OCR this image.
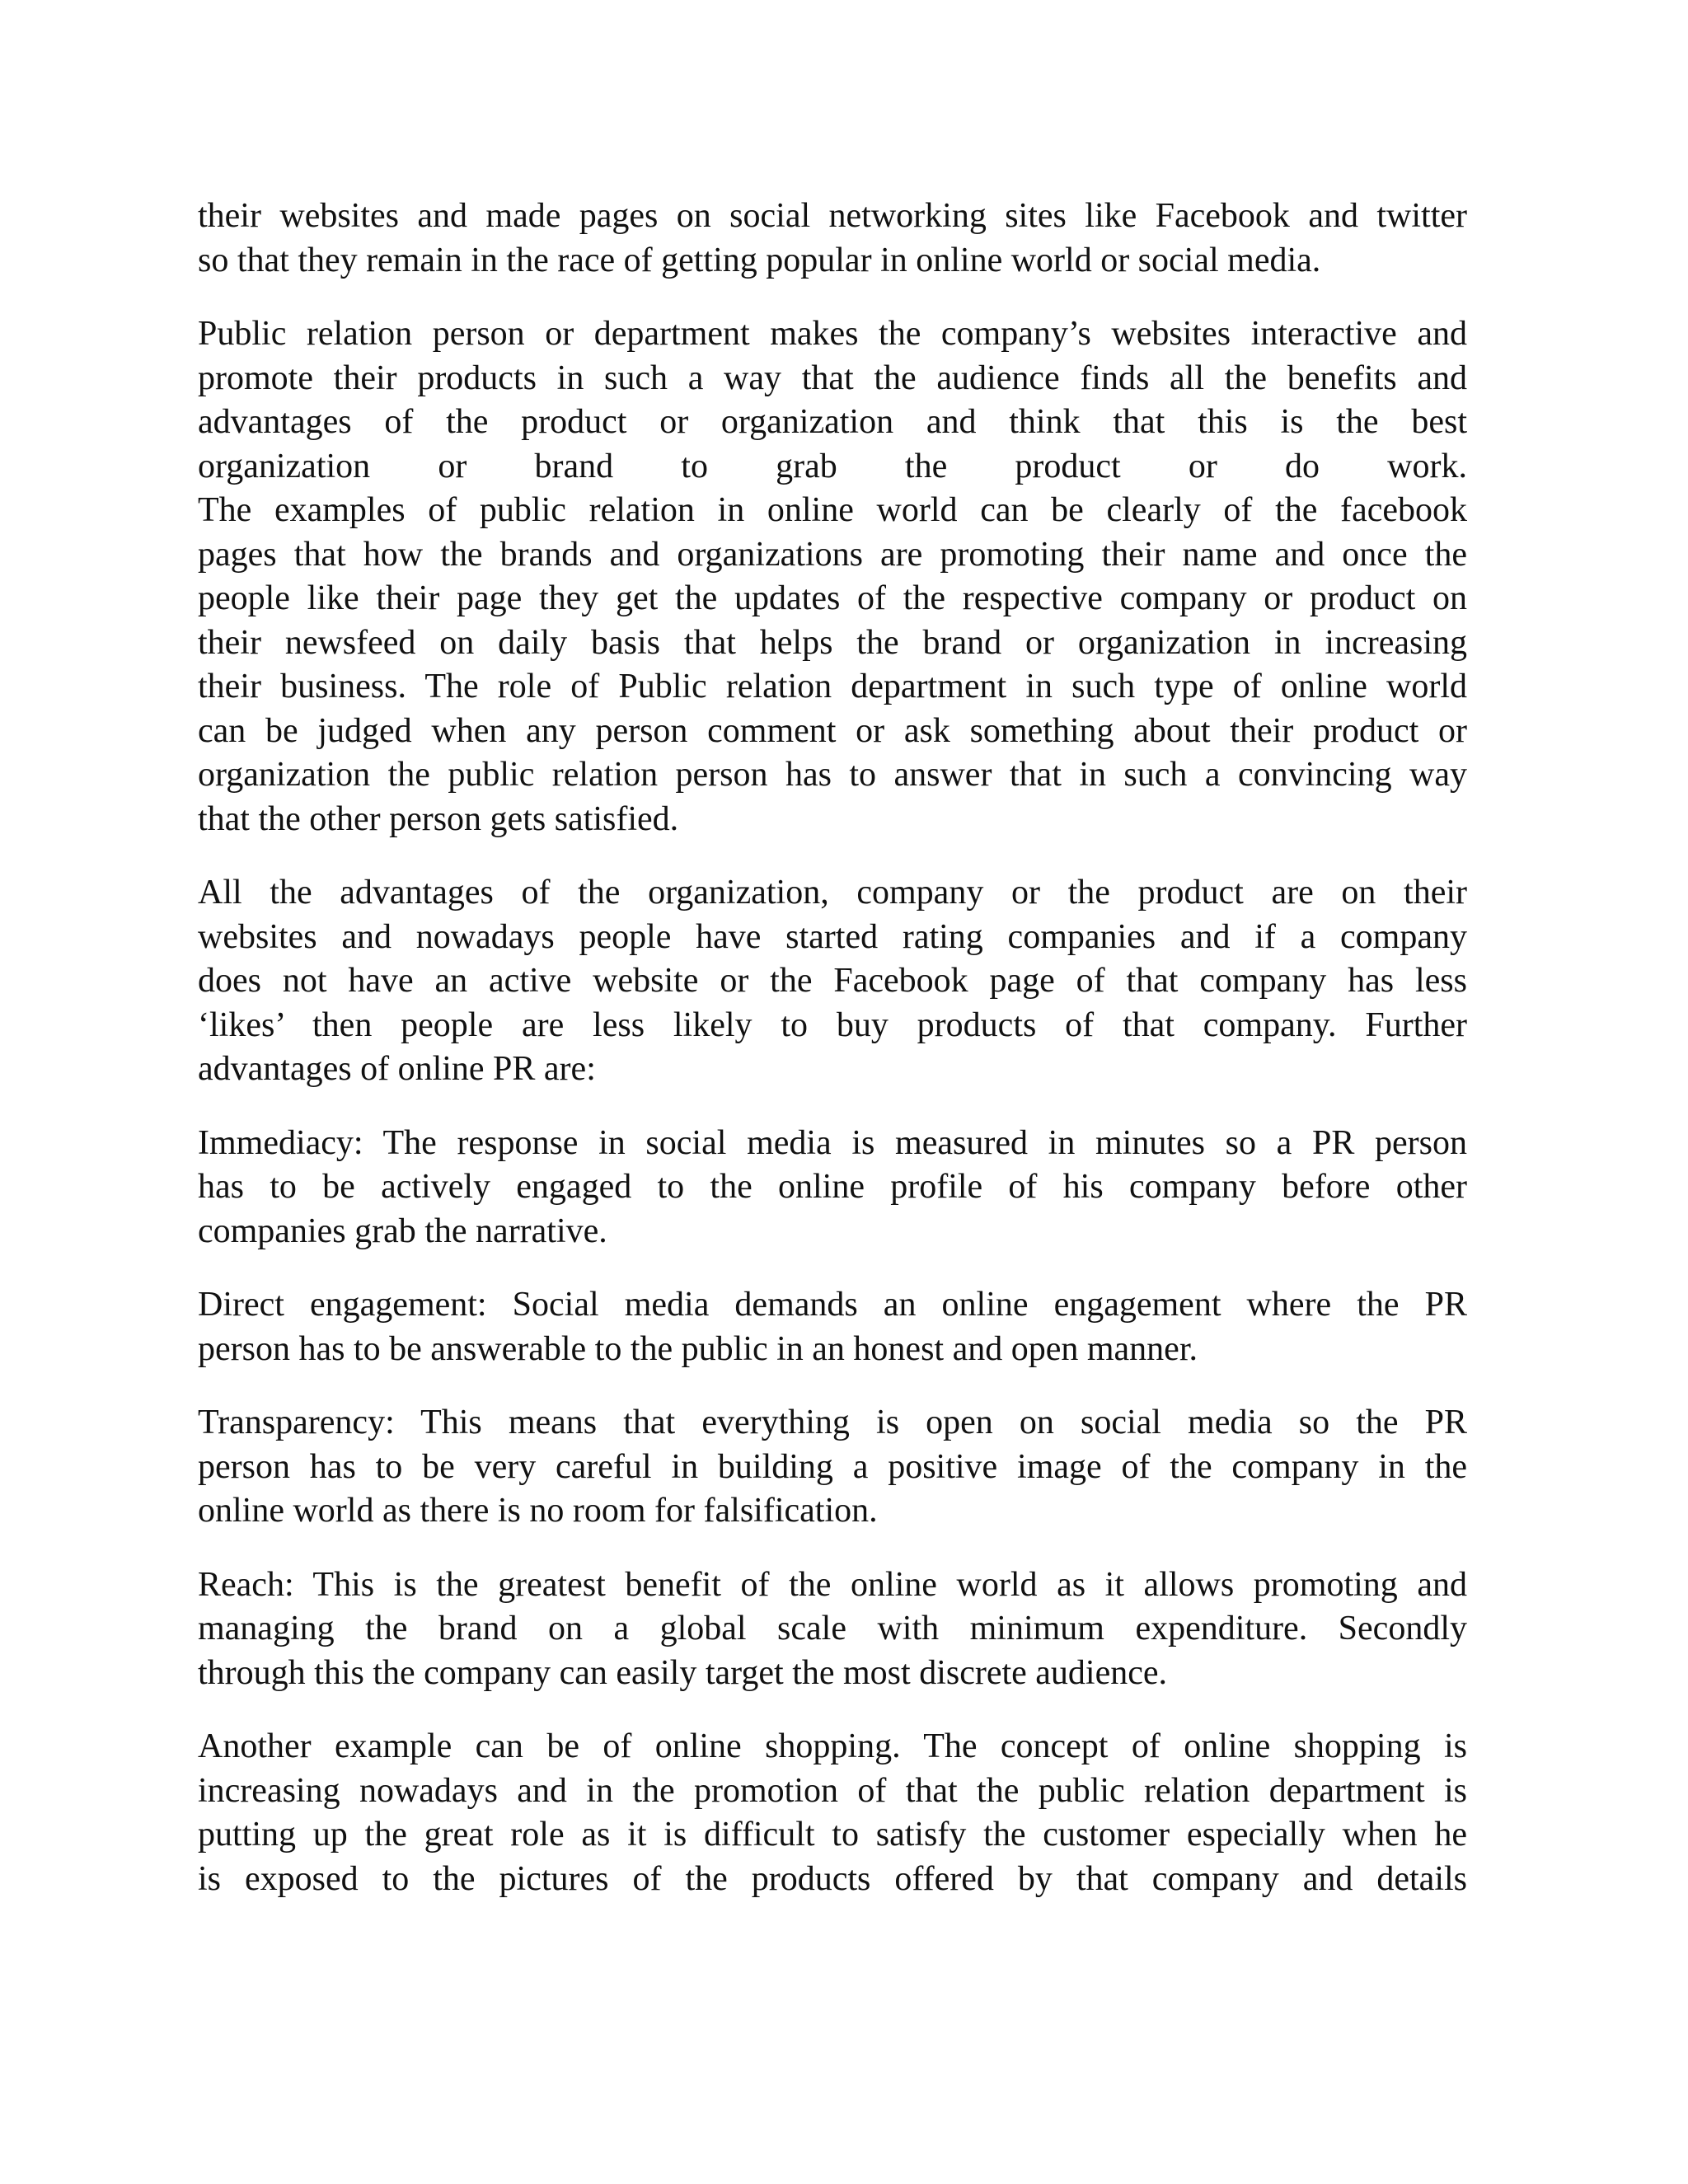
their websites and made pages on social networking sites like Facebook and twitter
so that they remain in the race of getting popular in online world or social media.

Public relation person or department makes the company’s websites interactive and
promote their products in such a way that the audience finds all the benefits and
advantages of the product or organization and think that this is the best
organization or brand to grab the product or do work.
The examples of public relation in online world can be clearly of the facebook
pages that how the brands and organizations are promoting their name and once the
people like their page they get the updates of the respective company or product on
their newsfeed on daily basis that helps the brand or organization in increasing
their business. The role of Public relation department in such type of online world
can be judged when any person comment or ask something about their product or
organization the public relation person has to answer that in such a convincing way
that the other person gets satisfied.

All the advantages of the organization, company or the product are on their
websites and nowadays people have started rating companies and if a company
does not have an active website or the Facebook page of that company has less
‘likes’ then people are less likely to buy products of that company. Further
advantages of online PR are:

Immediacy: The response in social media is measured in minutes so a PR person
has to be actively engaged to the online profile of his company before other
companies grab the narrative.

Direct engagement: Social media demands an online engagement where the PR
person has to be answerable to the public in an honest and open manner.

Transparency: This means that everything is open on social media so the PR
person has to be very careful in building a positive image of the company in the
online world as there is no room for falsification.

Reach: This is the greatest benefit of the online world as it allows promoting and
managing the brand on a global scale with minimum expenditure. Secondly
through this the company can easily target the most discrete audience.

Another example can be of online shopping. The concept of online shopping is
increasing nowadays and in the promotion of that the public relation department is
putting up the great role as it is difficult to satisfy the customer especially when he
is exposed to the pictures of the products offered by that company and details
